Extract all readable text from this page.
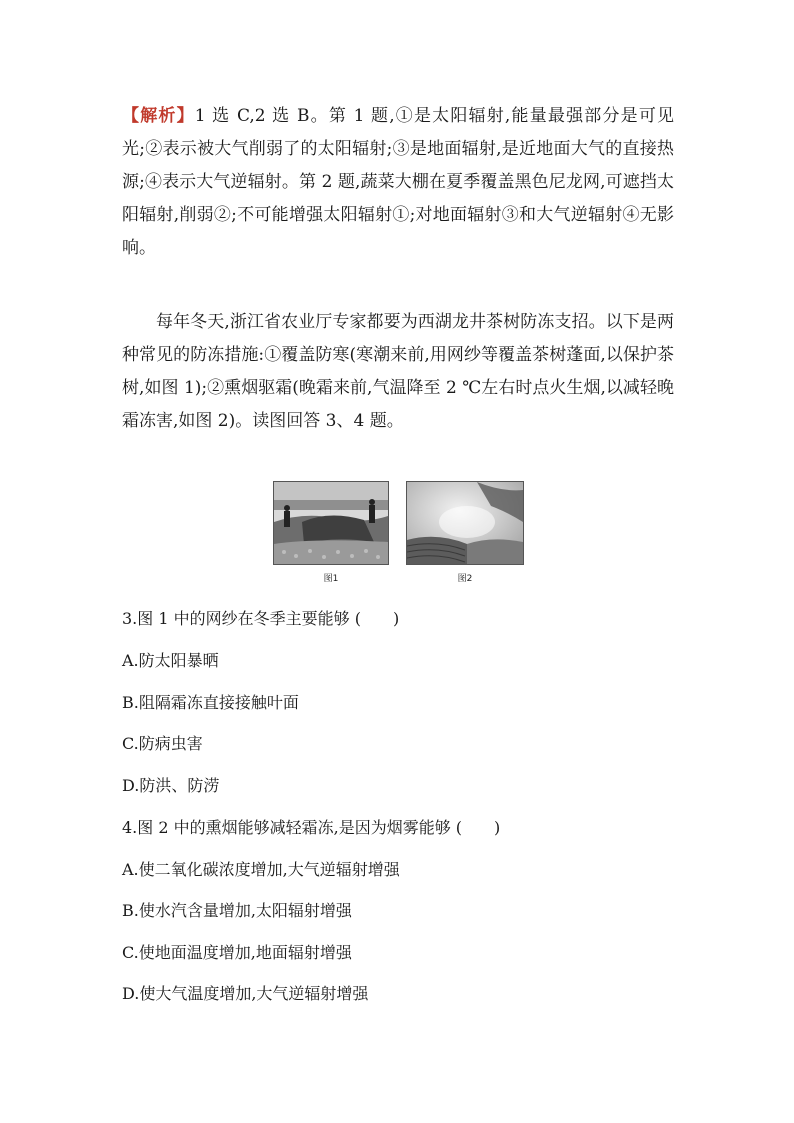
【解析】1 选 C,2 选 B。第 1 题,①是太阳辐射,能量最强部分是可见光;②表示被大气削弱了的太阳辐射;③是地面辐射,是近地面大气的直接热源;④表示大气逆辐射。第 2 题,蔬菜大棚在夏季覆盖黑色尼龙网,可遮挡太阳辐射,削弱②;不可能增强太阳辐射①;对地面辐射③和大气逆辐射④无影响。

每年冬天,浙江省农业厅专家都要为西湖龙井茶树防冻支招。以下是两种常见的防冻措施:①覆盖防寒(寒潮来前,用网纱等覆盖茶树蓬面,以保护茶树,如图 1);②熏烟驱霜(晚霜来前,气温降至 2 ℃左右时点火生烟,以减轻晚霜冻害,如图 2)。读图回答 3、4 题。

图1	图2

3.图 1 中的网纱在冬季主要能够 (　　)

A.防太阳暴晒

B.阻隔霜冻直接接触叶面

C.防病虫害

D.防洪、防涝

4.图 2 中的熏烟能够减轻霜冻,是因为烟雾能够 (　　)

A.使二氧化碳浓度增加,大气逆辐射增强

B.使水汽含量增加,太阳辐射增强

C.使地面温度增加,地面辐射增强

D.使大气温度增加,大气逆辐射增强
